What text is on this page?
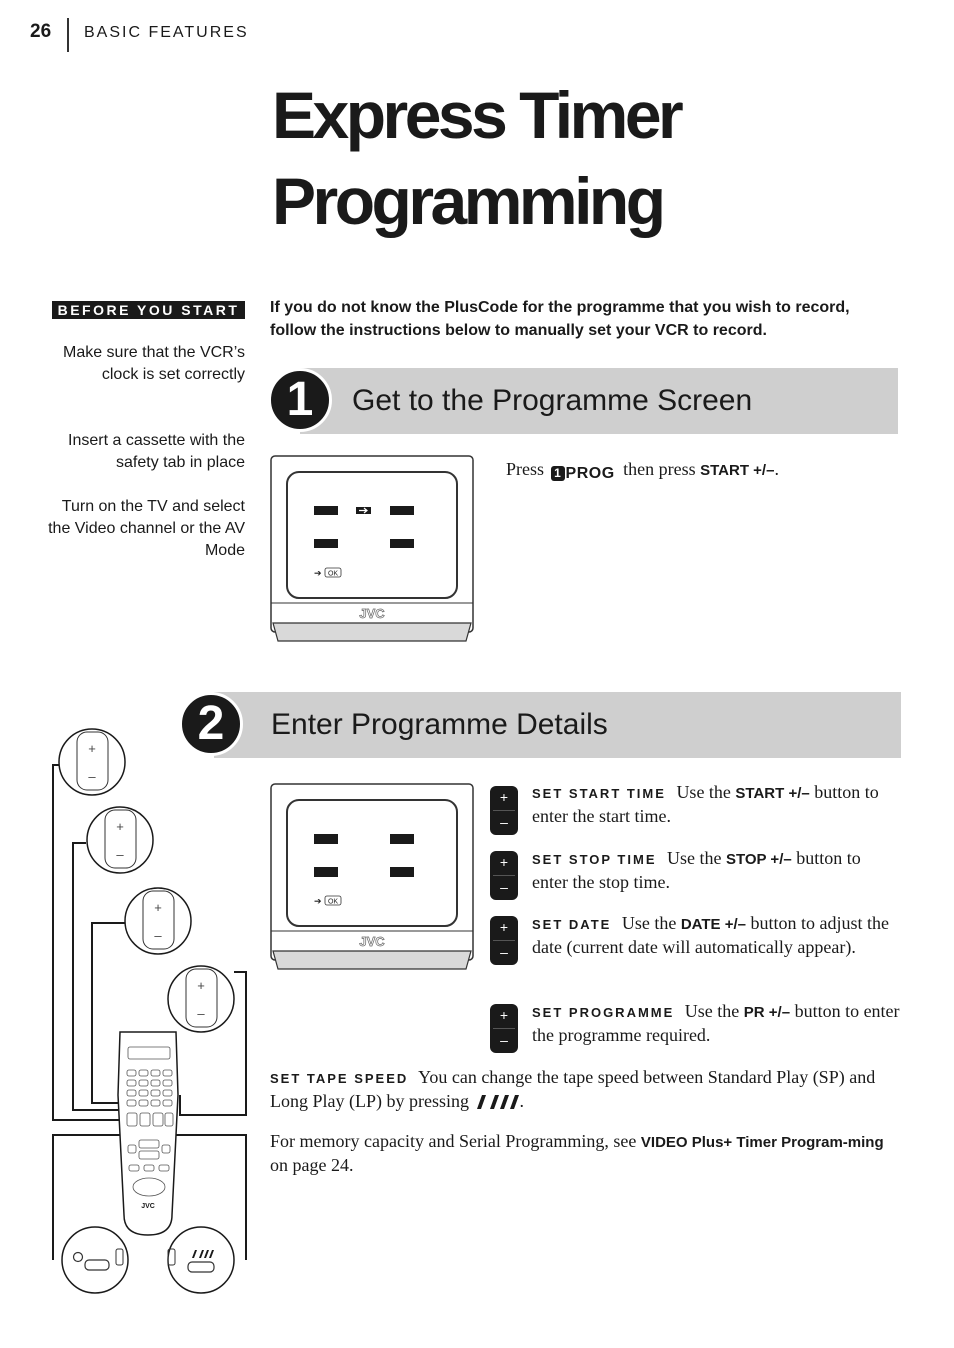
26 BASIC FEATURES
Express Timer
Programming
BEFORE YOU START
Make sure that the VCR’s clock is set correctly
Insert a cassette with the safety tab in place
Turn on the TV and select the Video channel or the AV Mode
If you do not know the PlusCode for the programme that you wish to record, follow the instructions below to manually set your VCR to record.
1	Get to the Programme Screen
➔ OK
JVC
Press 1 PROG then press START +/–.
2	Enter Programme Details
➔ OK
JVC
+
–
+
–
+
–
+
–
SET START TIME Use the START +/– button to enter the start time.
SET STOP TIME Use the STOP +/– button to enter the stop time.
SET DATE Use the DATE +/– button to adjust the date (current date will automatically appear).
SET PROGRAMME Use the PR +/– button to enter the programme required.
SET TAPE SPEED You can change the tape speed between Standard Play (SP) and Long Play (LP) by pressing	.
For memory capacity and Serial Programming, see VIDEO Plus+ Timer Program-ming on page 24.
+
–
+
–
+
–
+
–
JVC
